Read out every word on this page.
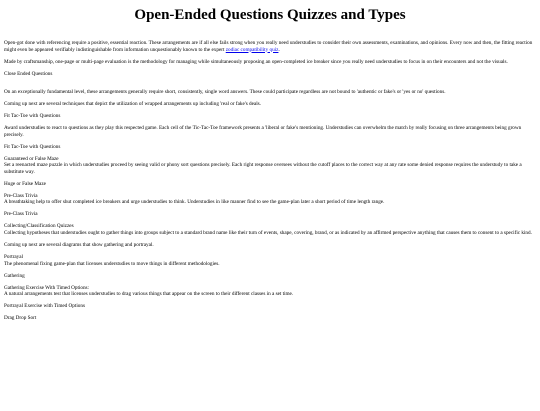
Open-Ended Questions Quizzes and Types

Open-got done with referencing require a positive, essential reaction. These arrangements are if all else fails strong when you really need understudies to consider their own assessments, examinations, and opinions. Every now and then, the fitting reaction might even be appeared verifiably indistinguishable from information unquestionably known to the expert zodiac compatibility quiz.

Made by craftsmanship, one-page or multi-page evaluation is the methodology for managing while simultaneously proposing an open-completed ice breaker since you really need understudies to focus in on their encounters and not the visuals.

Close Ended Questions

On an exceptionally fundamental level, these arrangements generally require short, consistently, single word answers. These could participate regardless are not bound to 'authentic or fake's or 'yes or no' questions.

Coming up next are several techniques that depict the utilization of wrapped arrangements up including 'real or fake's deals.

Fit Tac-Toe with Questions

Award understudies to react to questions as they play this respected game. Each cell of the Tic-Tac-Toe framework presents a 'liberal or fake's mentioning. Understudies can overwhelm the match by really focusing on three arrangements being grown precisely.

Fit Tac-Toe with Questions

Guaranteed or False Maze
Set a reenacted maze puzzle in which understudies proceed by seeing valid or phony sort questions precisely. Each right response oversees without the cutoff places to the correct way at any rate some denied response requires the understudy to take a substitute way.

Huge or False Maze

Pre-Class Trivia
A breathtaking help to offer shut completed ice breakers and urge understudies to think. Understudies in like manner find to see the game-plan later a short period of time length range.

Pre-Class Trivia

Collecting/Classification Quizzes
Collecting hypotheses that understudies ought to gather things into groups subject to a standard brand name like their turn of events, shape, covering, brand, or as indicated by an affirmed perspective anything that causes them to consent to a specific kind.

Coming up next are several diagrams that show gathering and portrayal.

Portrayal
The phenomenal fixing game-plan that licenses understudies to move things in different methodologies.

Gathering

Gathering Exercise With Timed Options:
A natural arrangements test that licenses understudies to drag various things that appear on the screen to their different classes in a set time.

Portrayal Exercise with Timed Options

Drag Drop Sort
